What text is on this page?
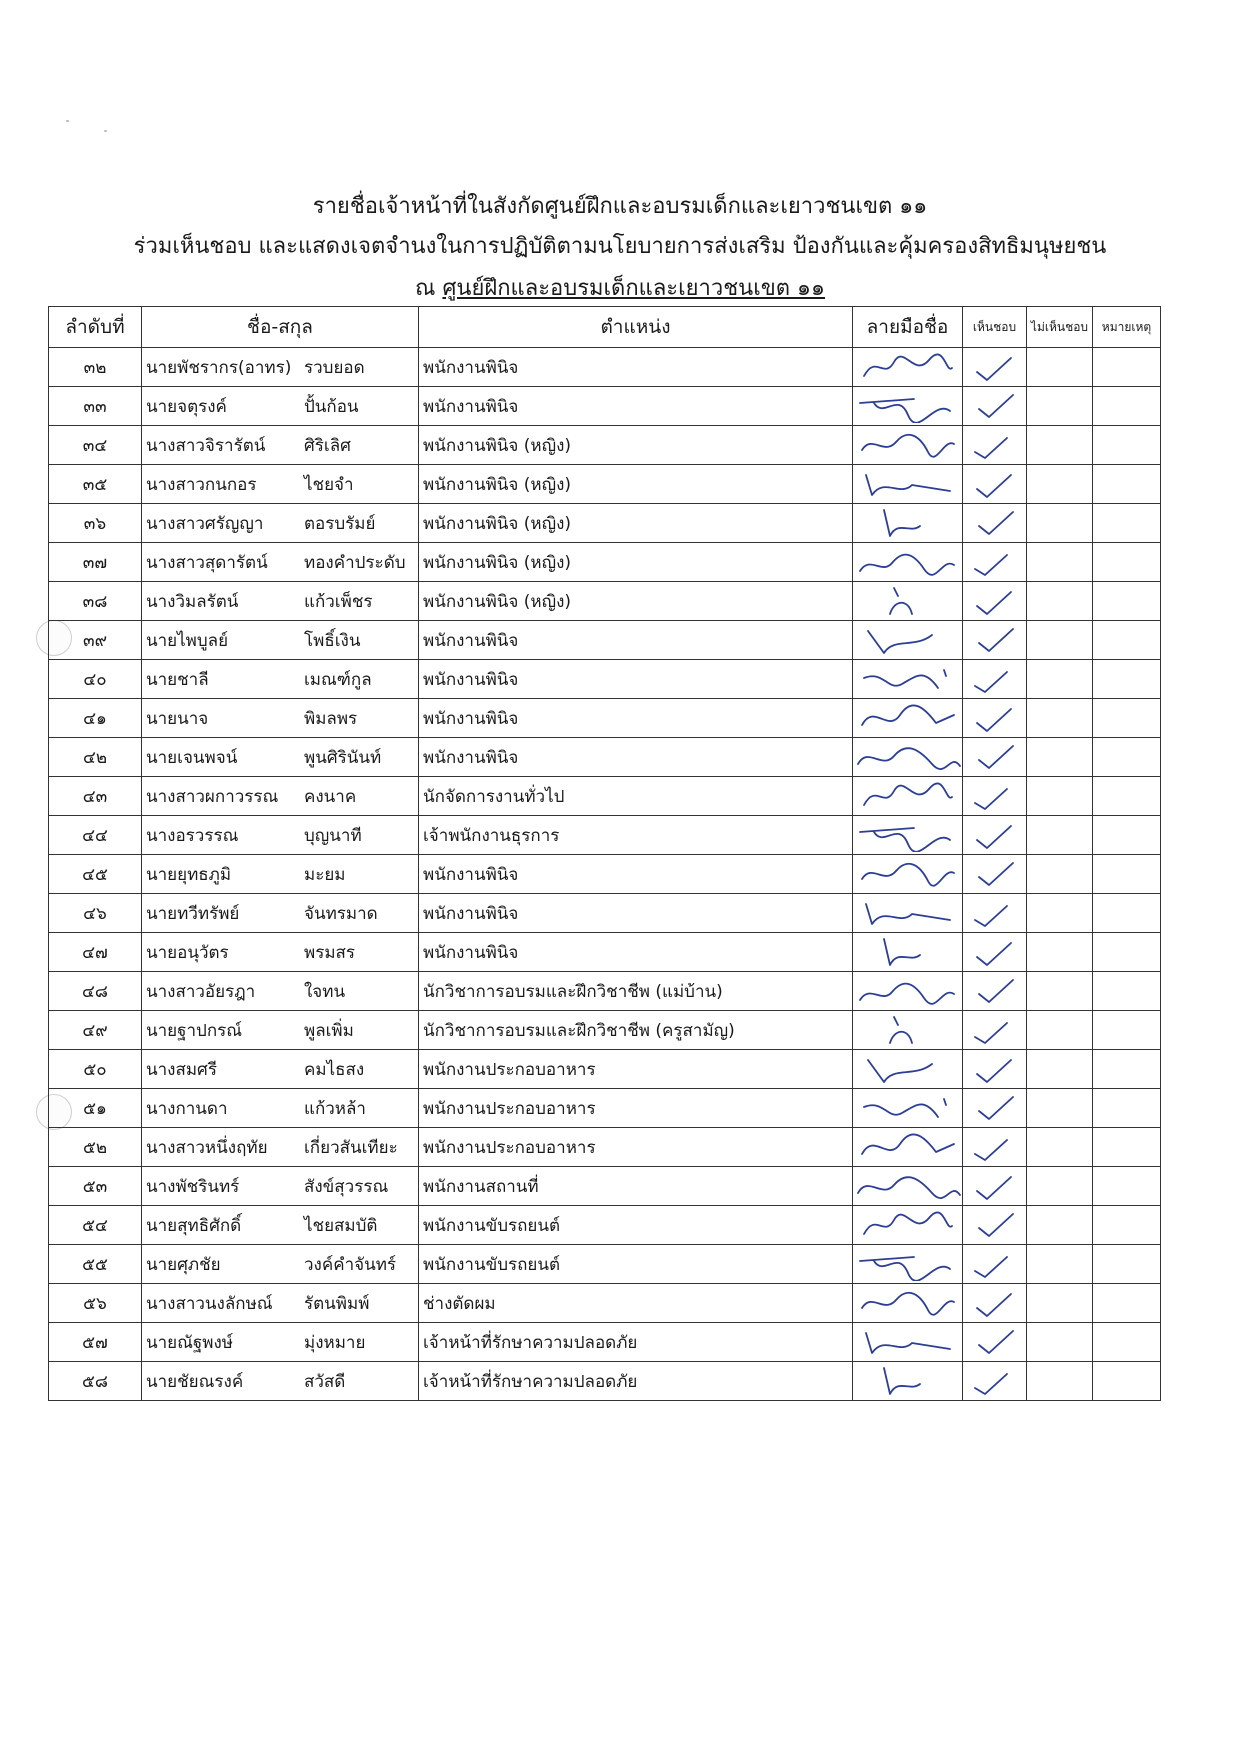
รายชื่อเจ้าหน้าที่ในสังกัดศูนย์ฝึกและอบรมเด็กและเยาวชนเขต ๑๑
ร่วมเห็นชอบ และแสดงเจตจำนงในการปฏิบัติตามนโยบายการส่งเสริม ป้องกันและคุ้มครองสิทธิมนุษยชน
ณ ศูนย์ฝึกและอบรมเด็กและเยาวชนเขต ๑๑
ลำดับที่	ชื่อ-สกุล	ตำแหน่ง	ลายมือชื่อ	เห็นชอบ	ไม่เห็นชอบ	หมายเหตุ
๓๒	นายพัชรากร(อาทร) รวบยอด	พนักงานพินิจ	

๓๓	นายจตุรงค์ ปั้นก้อน	พนักงานพินิจ	

๓๔	นางสาวจิรารัตน์ ศิริเลิศ	พนักงานพินิจ (หญิง)	

๓๕	นางสาวกนกอร ไชยจำ	พนักงานพินิจ (หญิง)	

๓๖	นางสาวศรัญญา ตอรบรัมย์	พนักงานพินิจ (หญิง)	

๓๗	นางสาวสุดารัตน์ ทองคำประดับ	พนักงานพินิจ (หญิง)	

๓๘	นางวิมลรัตน์ แก้วเพ็ชร	พนักงานพินิจ (หญิง)	

๓๙	นายไพบูลย์ โพธิ์เงิน	พนักงานพินิจ	

๔๐	นายชาลี เมณฑ์กูล	พนักงานพินิจ	

๔๑	นายนาจ พิมลพร	พนักงานพินิจ	

๔๒	นายเจนพจน์ พูนศิรินันท์	พนักงานพินิจ	

๔๓	นางสาวผกาวรรณ คงนาค	นักจัดการงานทั่วไป	

๔๔	นางอรวรรณ บุญนาที	เจ้าพนักงานธุรการ	

๔๕	นายยุทธภูมิ มะยม	พนักงานพินิจ	

๔๖	นายทวีทรัพย์ จันทรมาด	พนักงานพินิจ	

๔๗	นายอนุวัตร พรมสร	พนักงานพินิจ	

๔๘	นางสาวอัยรฎา ใจทน	นักวิชาการอบรมและฝึกวิชาชีพ (แม่บ้าน)	

๔๙	นายฐาปกรณ์ พูลเพิ่ม	นักวิชาการอบรมและฝึกวิชาชีพ (ครูสามัญ)	

๕๐	นางสมศรี คมไธสง	พนักงานประกอบอาหาร	

๕๑	นางกานดา แก้วหล้า	พนักงานประกอบอาหาร	

๕๒	นางสาวหนึ่งฤทัย เกี่ยวสันเทียะ	พนักงานประกอบอาหาร	

๕๓	นางพัชรินทร์ สังข์สุวรรณ	พนักงานสถานที่	

๕๔	นายสุทธิศักดิ์ ไชยสมบัติ	พนักงานขับรถยนต์	

๕๕	นายศุภชัย วงค์คำจันทร์	พนักงานขับรถยนต์	

๕๖	นางสาวนงลักษณ์ รัตนพิมพ์	ช่างตัดผม	

๕๗	นายณัฐพงษ์ มุ่งหมาย	เจ้าหน้าที่รักษาความปลอดภัย	

๕๘	นายชัยณรงค์ สวัสดี	เจ้าหน้าที่รักษาความปลอดภัย	
